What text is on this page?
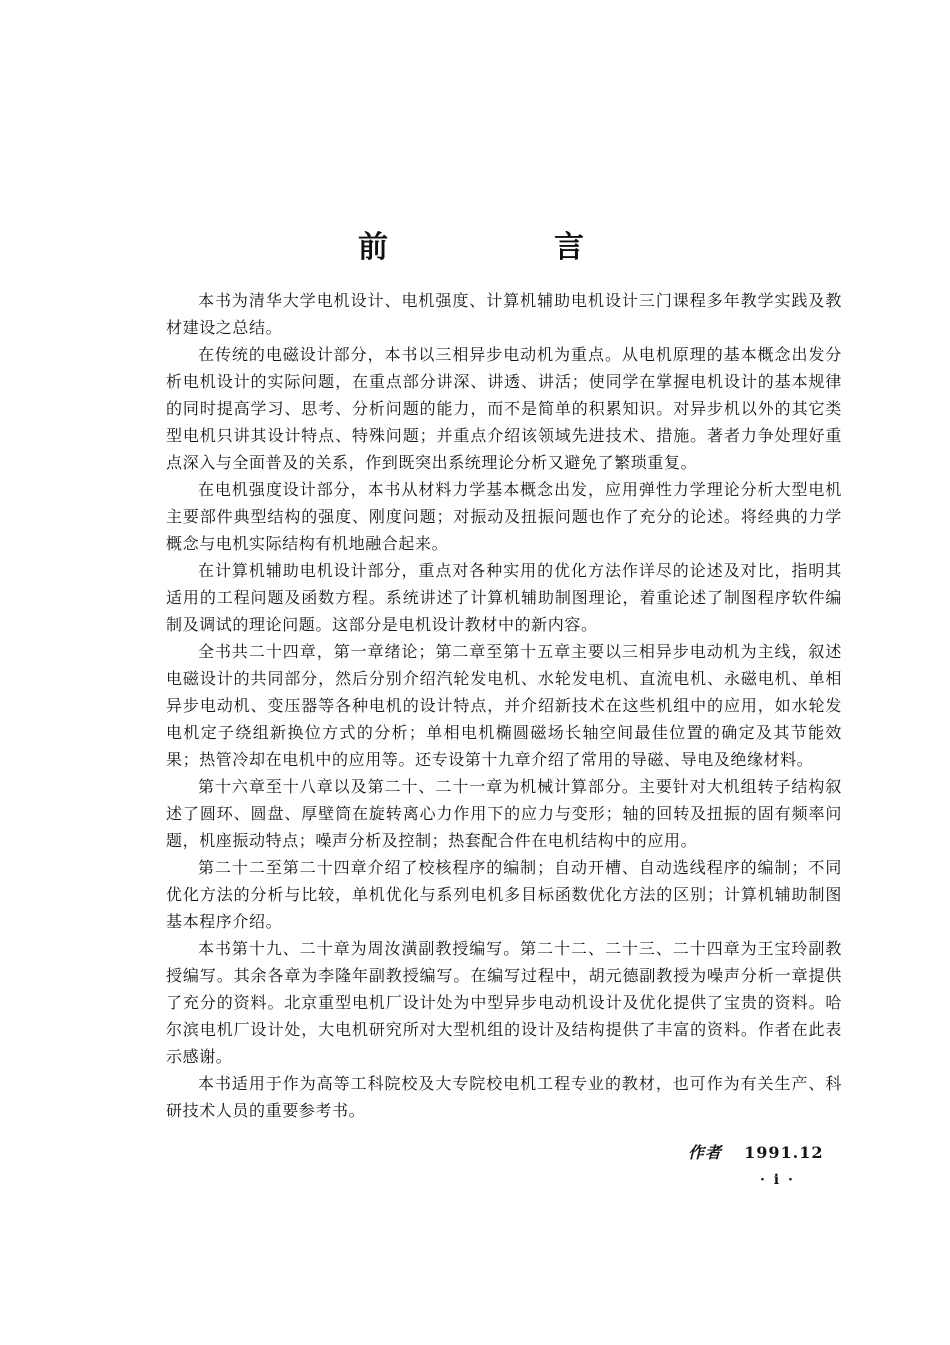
前　言

本书为清华大学电机设计、电机强度、计算机辅助电机设计三门课程多年教学实践及教材建设之总结。

在传统的电磁设计部分，本书以三相异步电动机为重点。从电机原理的基本概念出发分析电机设计的实际问题，在重点部分讲深、讲透、讲活；使同学在掌握电机设计的基本规律的同时提高学习、思考、分析问题的能力，而不是简单的积累知识。对异步机以外的其它类型电机只讲其设计特点、特殊问题；并重点介绍该领域先进技术、措施。著者力争处理好重点深入与全面普及的关系，作到既突出系统理论分析又避免了繁琐重复。

在电机强度设计部分，本书从材料力学基本概念出发，应用弹性力学理论分析大型电机主要部件典型结构的强度、刚度问题；对振动及扭振问题也作了充分的论述。将经典的力学概念与电机实际结构有机地融合起来。

在计算机辅助电机设计部分，重点对各种实用的优化方法作详尽的论述及对比，指明其适用的工程问题及函数方程。系统讲述了计算机辅助制图理论，着重论述了制图程序软件编制及调试的理论问题。这部分是电机设计教材中的新内容。

全书共二十四章，第一章绪论；第二章至第十五章主要以三相异步电动机为主线，叙述电磁设计的共同部分，然后分别介绍汽轮发电机、水轮发电机、直流电机、永磁电机、单相异步电动机、变压器等各种电机的设计特点，并介绍新技术在这些机组中的应用，如水轮发电机定子绕组新换位方式的分析；单相电机椭圆磁场长轴空间最佳位置的确定及其节能效果；热管冷却在电机中的应用等。还专设第十九章介绍了常用的导磁、导电及绝缘材料。

第十六章至十八章以及第二十、二十一章为机械计算部分。主要针对大机组转子结构叙述了圆环、圆盘、厚壁筒在旋转离心力作用下的应力与变形；轴的回转及扭振的固有频率问题，机座振动特点；噪声分析及控制；热套配合件在电机结构中的应用。

第二十二至第二十四章介绍了校核程序的编制；自动开槽、自动选线程序的编制；不同优化方法的分析与比较，单机优化与系列电机多目标函数优化方法的区别；计算机辅助制图基本程序介绍。

本书第十九、二十章为周汝潢副教授编写。第二十二、二十三、二十四章为王宝玲副教授编写。其余各章为李隆年副教授编写。在编写过程中，胡元德副教授为噪声分析一章提供了充分的资料。北京重型电机厂设计处为中型异步电动机设计及优化提供了宝贵的资料。哈尔滨电机厂设计处，大电机研究所对大型机组的设计及结构提供了丰富的资料。作者在此表示感谢。

本书适用于作为高等工科院校及大专院校电机工程专业的教材，也可作为有关生产、科研技术人员的重要参考书。

作者 1991.12
· i ·
